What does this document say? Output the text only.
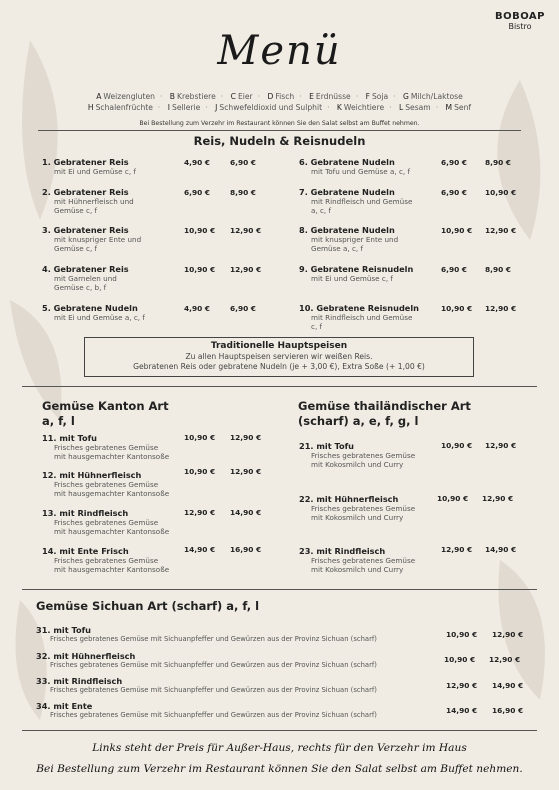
BOBOAP
Bistro
Menü
A Weizengluten · B Krebstiere · C Eier · D Fisch · E Erdnüsse · F Soja · G Milch/Laktose
H Schalenfrüchte · I Sellerie · J Schwefeldioxid und Sulphit · K Weichtiere · L Sesam · M Senf
Bei Bestellung zum Verzehr im Restaurant können Sie den Salat selbst am Buffet nehmen.
Reis, Nudeln & Reisnudeln
1. Gebratener Reis
mit Ei und Gemüse c, f
4,90 €	6,90 €
2. Gebratener Reis
mit Hühnerfleisch und
Gemüse c, f
6,90 €	8,90 €
3. Gebratener Reis
mit knuspriger Ente und
Gemüse c, f
10,90 € 12,90 €
4. Gebratener Reis
mit Garnelen und
Gemüse c, b, f
10,90 € 12,90 €
5. Gebratene Nudeln
mit Ei und Gemüse a, c, f
4,90 €	6,90 €
6. Gebratene Nudeln
mit Tofu und Gemüse a, c, f
6,90 € 8,90 €
7. Gebratene Nudeln
mit Rindfleisch und Gemüse
a, c, f
6,90 € 10,90 €
8. Gebratene Nudeln
mit knuspriger Ente und
Gemüse a, c, f
10,90 € 12,90 €
9. Gebratene Reisnudeln
mit Ei und Gemüse c, f
6,90 € 8,90 €
10. Gebratene Reisnudeln
mit Rindfleisch und Gemüse
c, f
10,90 € 12,90 €
Traditionelle Hauptspeisen
Zu allen Hauptspeisen servieren wir weißen Reis.
Gebratenen Reis oder gebratene Nudeln (je + 3,00 €), Extra Soße (+ 1,00 €)
Gemüse Kanton Art
a, f, l
11. mit Tofu
Frisches gebratenes Gemüse
mit hausgemachter Kantonsoße
10,90 € 12,90 €
12. mit Hühnerfleisch
Frisches gebratenes Gemüse
mit hausgemachter Kantonsoße
10,90 € 12,90 €
13. mit Rindfleisch
Frisches gebratenes Gemüse
mit hausgemachter Kantonsoße
12,90 € 14,90 €
14. mit Ente Frisch
Frisches gebratenes Gemüse
mit hausgemachter Kantonsoße
14,90 € 16,90 €
Gemüse thailändischer Art
(scharf) a, e, f, g, l
21. mit Tofu
Frisches gebratenes Gemüse
mit Kokosmilch und Curry
10,90 € 12,90 €
22. mit Hühnerfleisch
Frisches gebratenes Gemüse
mit Kokosmilch und Curry
10,90 € 12,90 €
23. mit Rindfleisch
Frisches gebratenes Gemüse
mit Kokosmilch und Curry
12,90 € 14,90 €
Gemüse Sichuan Art (scharf) a, f, l
31. mit Tofu
Frisches gebratenes Gemüse mit Sichuanpfeffer und Gewürzen aus der Provinz Sichuan (scharf)	10,90 € 12,90 €
32. mit Hühnerfleisch
Frisches gebratenes Gemüse mit Sichuanpfeffer und Gewürzen aus der Provinz Sichuan (scharf)
10,90 € 12,90 €
33. mit Rindfleisch
Frisches gebratenes Gemüse mit Sichuanpfeffer und Gewürzen aus der Provinz Sichuan (scharf)	12,90 € 14,90 €
34. mit Ente
Frisches gebratenes Gemüse mit Sichuanpfeffer und Gewürzen aus der Provinz Sichuan (scharf)	14,90 € 16,90 €
Links steht der Preis für Außer-Haus, rechts für den Verzehr im Haus
Bei Bestellung zum Verzehr im Restaurant können Sie den Salat selbst am Buffet nehmen.
